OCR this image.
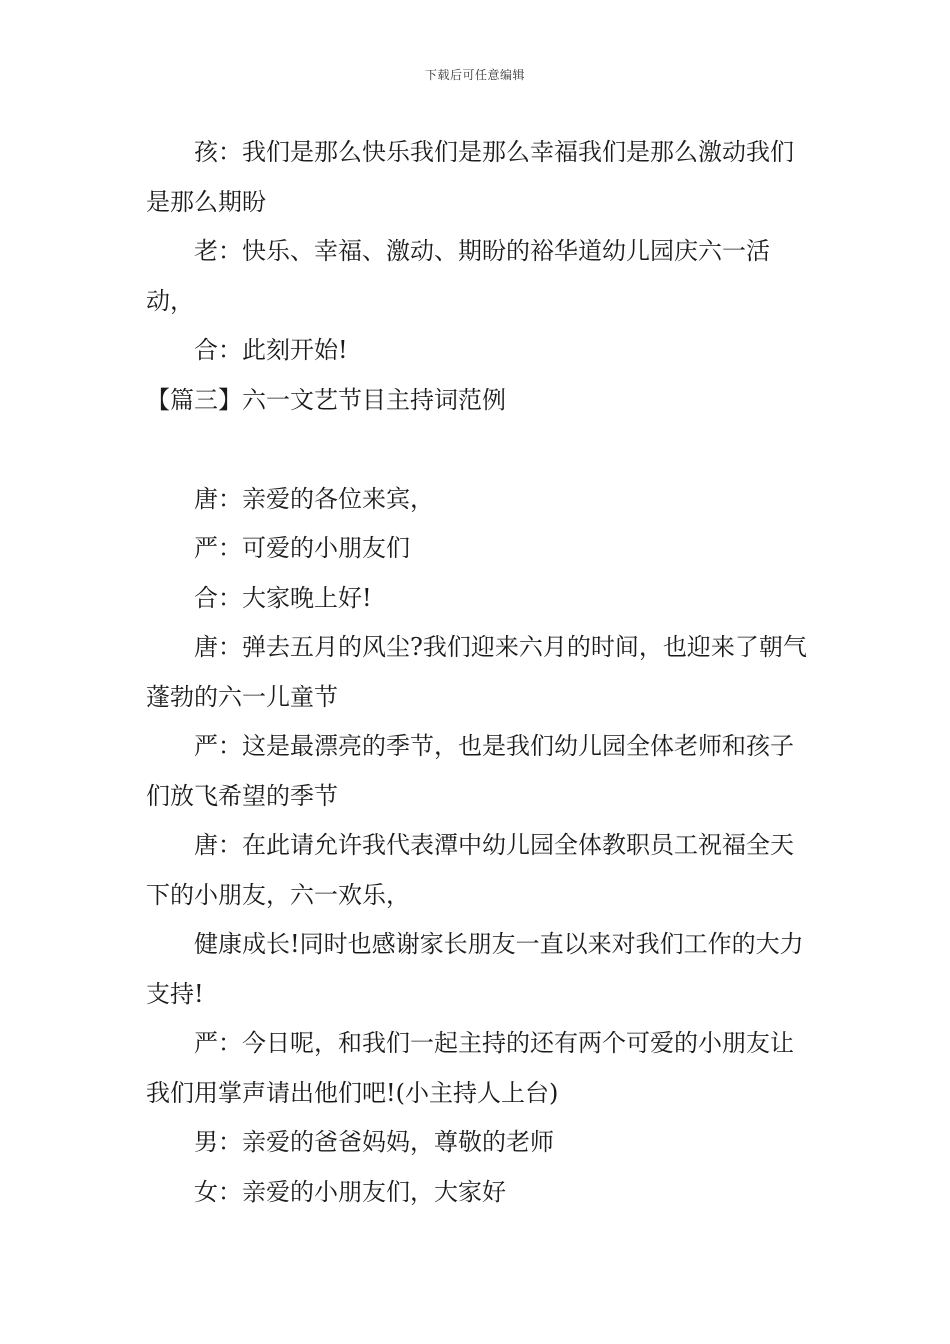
下载后可任意编辑

孩：我们是那么快乐我们是那么幸福我们是那么激动我们是那么期盼

老：快乐、幸福、激动、期盼的裕华道幼儿园庆六一活动，

合：此刻开始!

【篇三】六一文艺节目主持词范例

唐：亲爱的各位来宾，

严：可爱的小朋友们

合：大家晚上好!

唐：弹去五月的风尘?我们迎来六月的时间，也迎来了朝气蓬勃的六一儿童节

严：这是最漂亮的季节，也是我们幼儿园全体老师和孩子们放飞希望的季节

唐：在此请允许我代表潭中幼儿园全体教职员工祝福全天下的小朋友，六一欢乐，

健康成长!同时也感谢家长朋友一直以来对我们工作的大力支持!

严：今日呢，和我们一起主持的还有两个可爱的小朋友让我们用掌声请出他们吧!(小主持人上台)

男：亲爱的爸爸妈妈，尊敬的老师

女：亲爱的小朋友们，大家好
